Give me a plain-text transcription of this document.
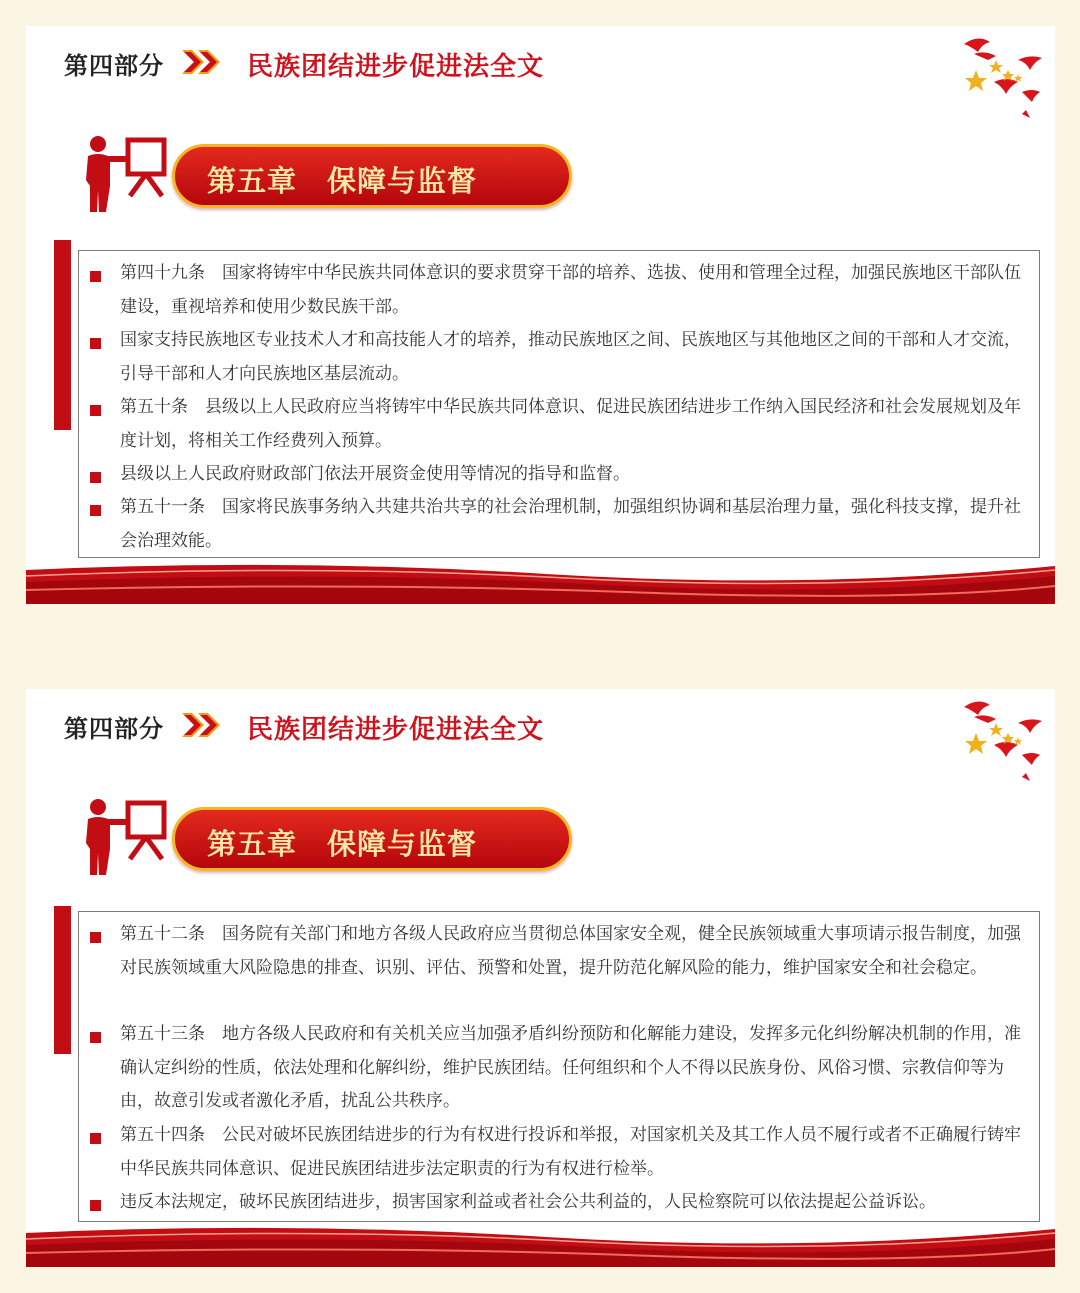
第四部分	民族团结进步促进法全文
第五章　保障与监督
第四十九条　国家将铸牢中华民族共同体意识的要求贯穿干部的培养、选拔、使用和管理全过程，加强民族地区干部队伍建设，重视培养和使用少数民族干部。
国家支持民族地区专业技术人才和高技能人才的培养，推动民族地区之间、民族地区与其他地区之间的干部和人才交流，引导干部和人才向民族地区基层流动。
第五十条　县级以上人民政府应当将铸牢中华民族共同体意识、促进民族团结进步工作纳入国民经济和社会发展规划及年度计划，将相关工作经费列入预算。
县级以上人民政府财政部门依法开展资金使用等情况的指导和监督。
第五十一条　国家将民族事务纳入共建共治共享的社会治理机制，加强组织协调和基层治理力量，强化科技支撑，提升社会治理效能。
第四部分	民族团结进步促进法全文
第五章　保障与监督
第五十二条　国务院有关部门和地方各级人民政府应当贯彻总体国家安全观，健全民族领域重大事项请示报告制度，加强对民族领域重大风险隐患的排查、识别、评估、预警和处置，提升防范化解风险的能力，维护国家安全和社会稳定。
第五十三条　地方各级人民政府和有关机关应当加强矛盾纠纷预防和化解能力建设，发挥多元化纠纷解决机制的作用，准确认定纠纷的性质，依法处理和化解纠纷，维护民族团结。任何组织和个人不得以民族身份、风俗习惯、宗教信仰等为由，故意引发或者激化矛盾，扰乱公共秩序。
第五十四条　公民对破坏民族团结进步的行为有权进行投诉和举报，对国家机关及其工作人员不履行或者不正确履行铸牢中华民族共同体意识、促进民族团结进步法定职责的行为有权进行检举。
违反本法规定，破坏民族团结进步，损害国家利益或者社会公共利益的，人民检察院可以依法提起公益诉讼。
